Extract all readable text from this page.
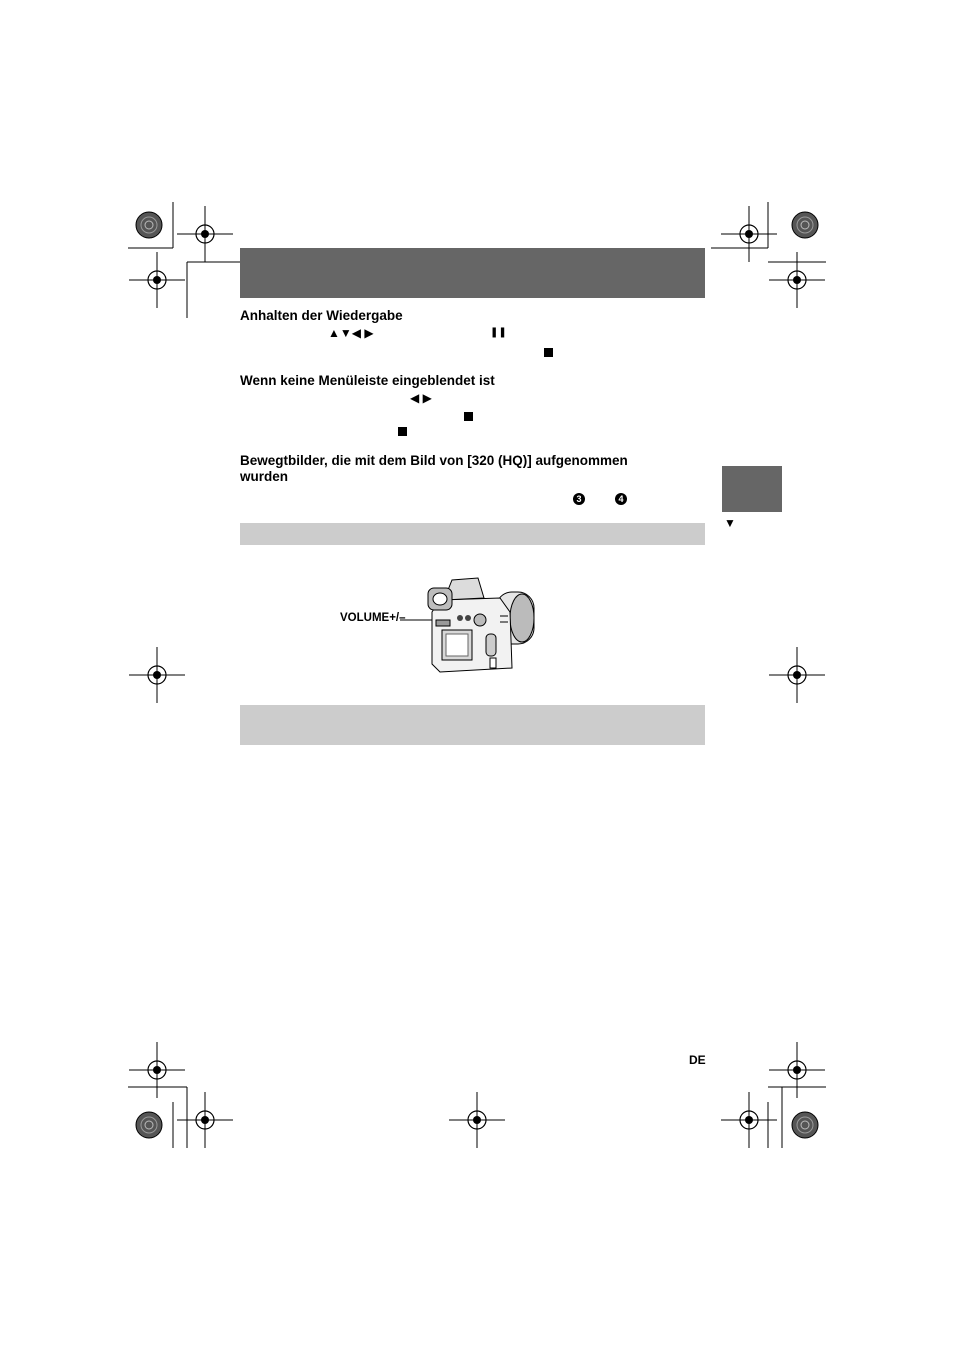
Anhalten der Wiedergabe
▲▼◀ ▶	❚❚
Wenn keine Menüleiste eingeblendet ist
◀ ▶
Bewegtbilder, die mit dem Bild von [320 (HQ)] aufgenommen
wurden
3	4
▼
VOLUME+/–
DE
